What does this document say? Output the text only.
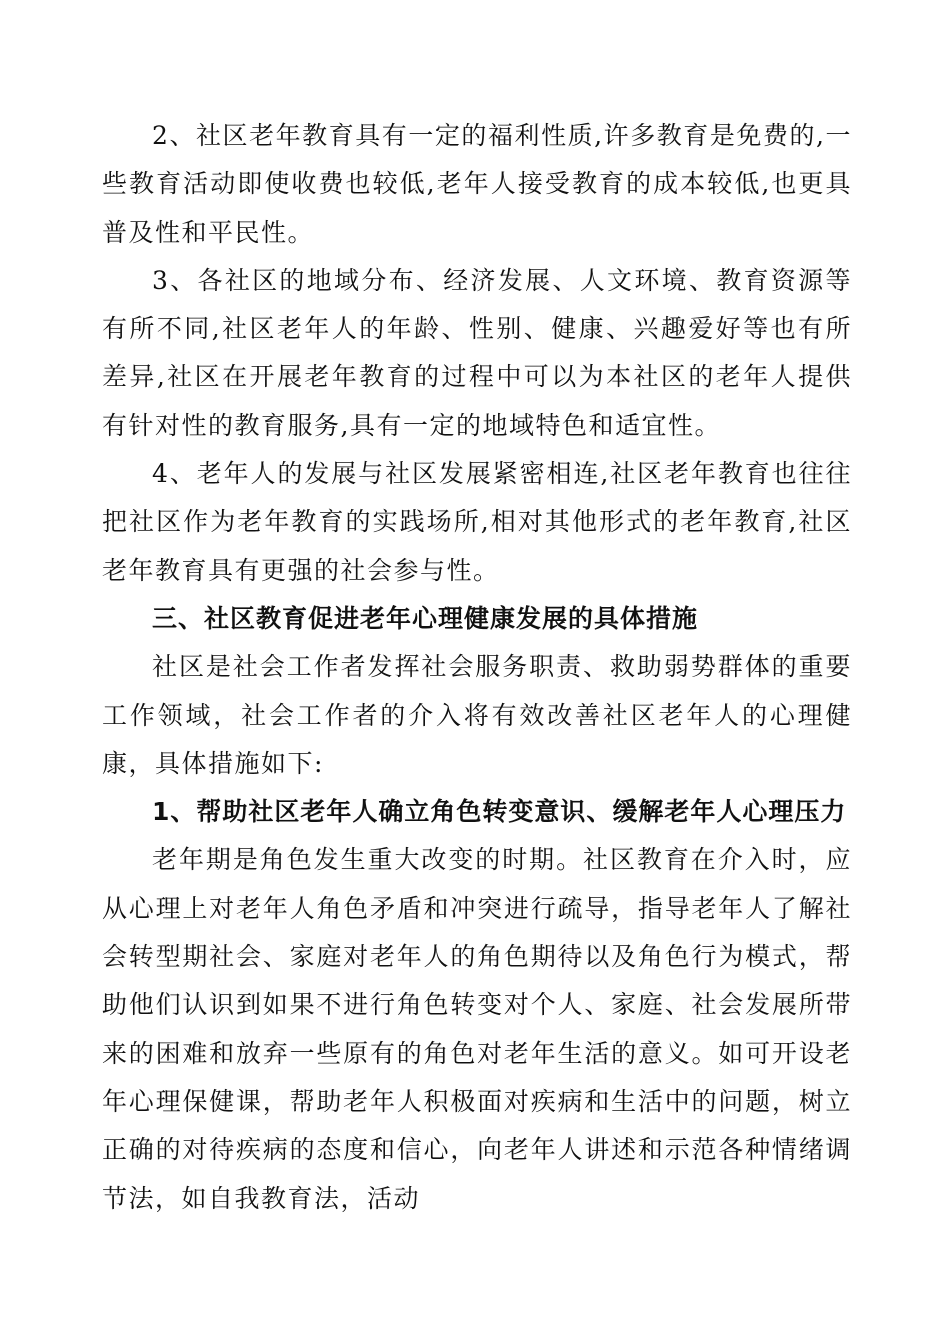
2、社区老年教育具有一定的福利性质,许多教育是免费的,一些教育活动即使收费也较低,老年人接受教育的成本较低,也更具普及性和平民性。

3、各社区的地域分布、经济发展、人文环境、教育资源等有所不同,社区老年人的年龄、性别、健康、兴趣爱好等也有所差异,社区在开展老年教育的过程中可以为本社区的老年人提供有针对性的教育服务,具有一定的地域特色和适宜性。

4、老年人的发展与社区发展紧密相连,社区老年教育也往往把社区作为老年教育的实践场所,相对其他形式的老年教育,社区老年教育具有更强的社会参与性。

三、社区教育促进老年心理健康发展的具体措施

社区是社会工作者发挥社会服务职责、救助弱势群体的重要工作领域，社会工作者的介入将有效改善社区老年人的心理健康，具体措施如下:

1、帮助社区老年人确立角色转变意识、缓解老年人心理压力

老年期是角色发生重大改变的时期。社区教育在介入时，应从心理上对老年人角色矛盾和冲突进行疏导，指导老年人了解社会转型期社会、家庭对老年人的角色期待以及角色行为模式，帮助他们认识到如果不进行角色转变对个人、家庭、社会发展所带来的困难和放弃一些原有的角色对老年生活的意义。如可开设老年心理保健课，帮助老年人积极面对疾病和生活中的问题，树立正确的对待疾病的态度和信心，向老年人讲述和示范各种情绪调节法，如自我教育法，活动
